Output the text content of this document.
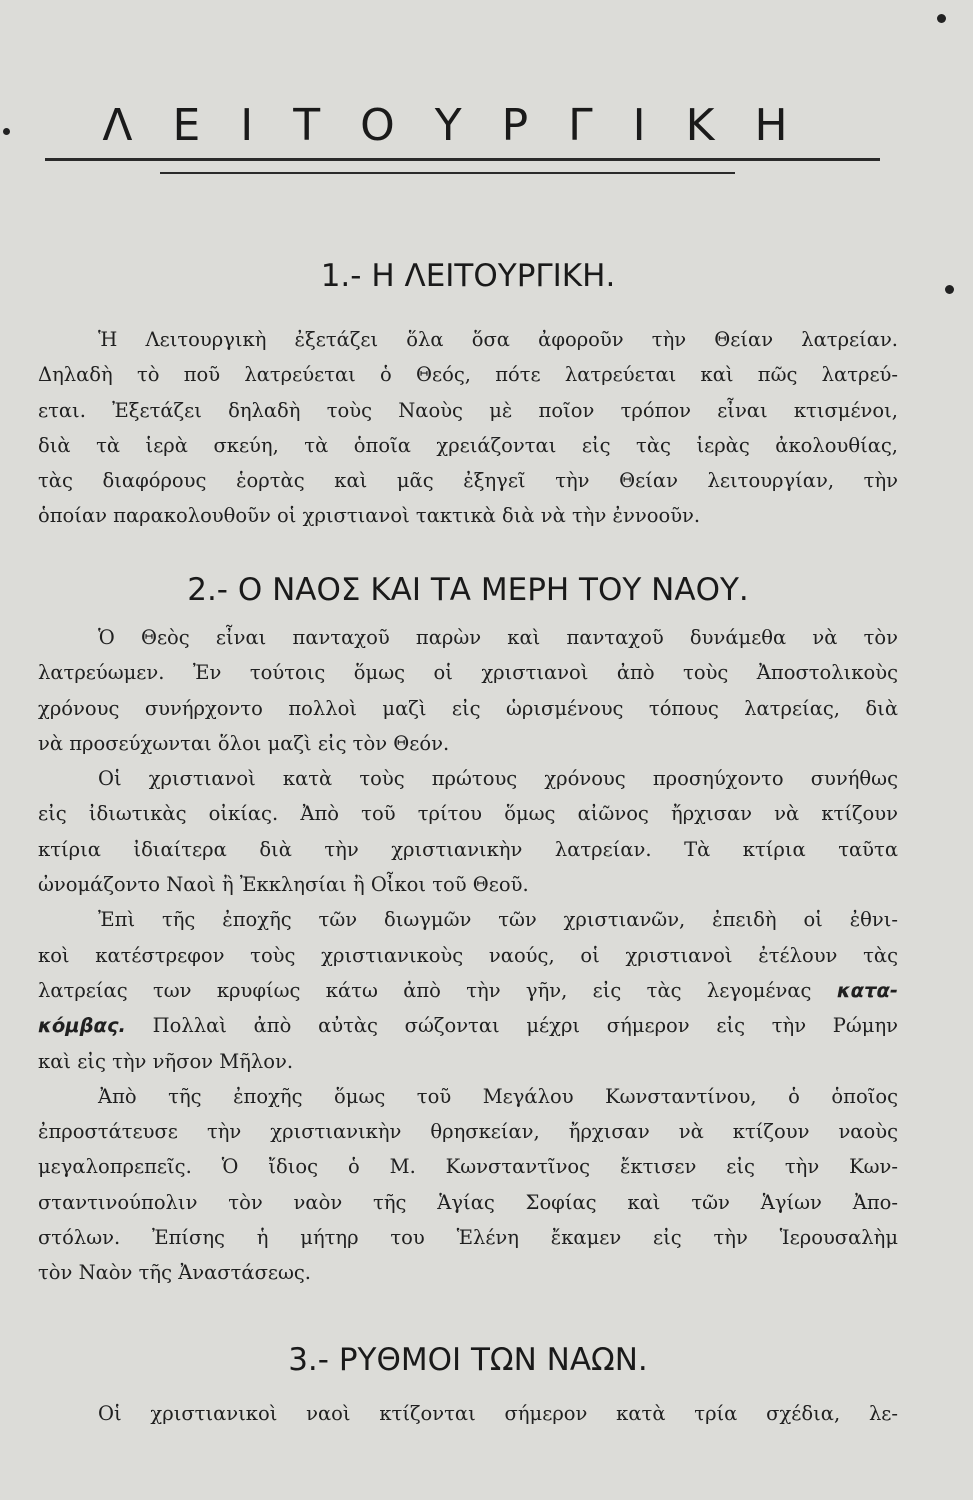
ΛΕΙΤΟΥΡΓΙΚΗ
1.- Η ΛΕΙΤΟΥΡΓΙΚΗ.
Ἡ Λειτουργικὴ ἐξετάζει ὅλα ὅσα ἀφοροῦν τὴν Θείαν λατρείαν.
Δηλαδὴ τὸ ποῦ λατρεύεται ὁ Θεός, πότε λατρεύεται καὶ πῶς λατρεύ-
εται. Ἐξετάζει δηλαδὴ τοὺς Ναοὺς μὲ ποῖον τρόπον εἶναι κτισμένοι,
διὰ τὰ ἱερὰ σκεύη, τὰ ὁποῖα χρειάζονται εἰς τὰς ἱερὰς ἀκολουθίας,
τὰς διαφόρους ἑορτὰς καὶ μᾶς ἐξηγεῖ τὴν Θείαν λειτουργίαν, τὴν
ὁποίαν παρακολουθοῦν οἱ χριστιανοὶ τακτικὰ διὰ νὰ τὴν ἐννοοῦν.
2.- Ο ΝΑΟΣ ΚΑΙ ΤΑ ΜΕΡΗ ΤΟΥ ΝΑΟΥ.
Ὁ Θεὸς εἶναι πανταχοῦ παρὼν καὶ πανταχοῦ δυνάμεθα νὰ τὸν
λατρεύωμεν. Ἐν τούτοις ὅμως οἱ χριστιανοὶ ἀπὸ τοὺς Ἀποστολικοὺς
χρόνους συνήρχοντο πολλοὶ μαζὶ εἰς ὡρισμένους τόπους λατρείας, διὰ
νὰ προσεύχωνται ὅλοι μαζὶ εἰς τὸν Θεόν.
Οἱ χριστιανοὶ κατὰ τοὺς πρώτους χρόνους προσηύχοντο συνήθως
εἰς ἰδιωτικὰς οἰκίας. Ἀπὸ τοῦ τρίτου ὅμως αἰῶνος ἤρχισαν νὰ κτίζουν
κτίρια ἰδιαίτερα διὰ τὴν χριστιανικὴν λατρείαν. Τὰ κτίρια ταῦτα
ὠνομάζοντο Ναοὶ ἢ Ἐκκλησίαι ἢ Οἶκοι τοῦ Θεοῦ.
Ἐπὶ τῆς ἐποχῆς τῶν διωγμῶν τῶν χριστιανῶν, ἐπειδὴ οἱ ἐθνι-
κοὶ κατέστρεφον τοὺς χριστιανικοὺς ναούς, οἱ χριστιανοὶ ἐτέλουν τὰς
λατρείας των κρυφίως κάτω ἀπὸ τὴν γῆν, εἰς τὰς λεγομένας κατα-
κόμβας. Πολλαὶ ἀπὸ αὐτὰς σώζονται μέχρι σήμερον εἰς τὴν Ρώμην
καὶ εἰς τὴν νῆσον Μῆλον.
Ἀπὸ τῆς ἐποχῆς ὅμως τοῦ Μεγάλου Κωνσταντίνου, ὁ ὁποῖος
ἐπροστάτευσε τὴν χριστιανικὴν θρησκείαν, ἤρχισαν νὰ κτίζουν ναοὺς
μεγαλοπρεπεῖς. Ὁ ἴδιος ὁ Μ. Κωνσταντῖνος ἔκτισεν εἰς τὴν Κων-
σταντινούπολιν τὸν ναὸν τῆς Ἁγίας Σοφίας καὶ τῶν Ἁγίων Ἀπο-
στόλων. Ἐπίσης ἡ μήτηρ του Ἑλένη ἔκαμεν εἰς τὴν Ἱερουσαλὴμ
τὸν Ναὸν τῆς Ἀναστάσεως.
3.- ΡΥΘΜΟΙ ΤΩΝ ΝΑΩΝ.
Οἱ χριστιανικοὶ ναοὶ κτίζονται σήμερον κατὰ τρία σχέδια, λε-
